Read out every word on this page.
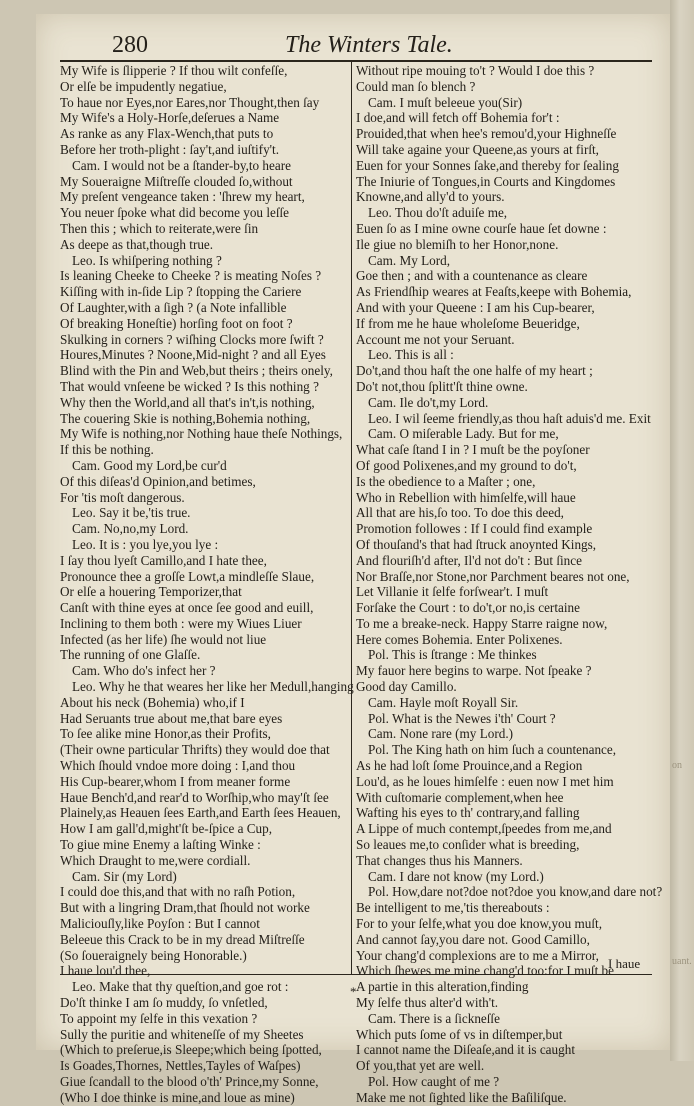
on
uant.
280	The Winters Tale.
My Wife is ſlipperie ? If thou wilt confeſſe,
Or elſe be impudently negatiue,
To haue nor Eyes,nor Eares,nor Thought,then ſay
My Wife's a Holy-Horſe,deſerues a Name
As ranke as any Flax-Wench,that puts to
Before her troth-plight : ſay't,and iuſtify't.
Cam. I would not be a ſtander-by,to heare
My Soueraigne Miſtreſſe clouded ſo,without
My preſent vengeance taken : 'ſhrew my heart,
You neuer ſpoke what did become you leſſe
Then this ; which to reiterate,were ſin
As deepe as that,though true.
Leo. Is whiſpering nothing ?
Is leaning Cheeke to Cheeke ? is meating Noſes ?
Kiſſing with in-ſide Lip ? ſtopping the Cariere
Of Laughter,with a ſigh ? (a Note infallible
Of breaking Honeſtie) horſing foot on foot ?
Skulking in corners ? wiſhing Clocks more ſwift ?
Houres,Minutes ? Noone,Mid-night ? and all Eyes
Blind with the Pin and Web,but theirs ; theirs onely,
That would vnſeene be wicked ? Is this nothing ?
Why then the World,and all that's in't,is nothing,
The couering Skie is nothing,Bohemia nothing,
My Wife is nothing,nor Nothing haue theſe Nothings,
If this be nothing.
Cam. Good my Lord,be cur'd
Of this diſeas'd Opinion,and betimes,
For 'tis moſt dangerous.
Leo. Say it be,'tis true.
Cam. No,no,my Lord.
Leo. It is : you lye,you lye :
I ſay thou lyeſt Camillo,and I hate thee,
Pronounce thee a groſſe Lowt,a mindleſſe Slaue,
Or elſe a houering Temporizer,that
Canſt with thine eyes at once ſee good and euill,
Inclining to them both : were my Wiues Liuer
Infected (as her life) ſhe would not liue
The running of one Glaſſe.
Cam. Who do's infect her ?
Leo. Why he that weares her like her Medull,hanging
About his neck (Bohemia) who,if I
Had Seruants true about me,that bare eyes
To ſee alike mine Honor,as their Profits,
(Their owne particular Thrifts) they would doe that
Which ſhould vndoe more doing : I,and thou
His Cup-bearer,whom I from meaner forme
Haue Bench'd,and rear'd to Worſhip,who may'ſt ſee
Plainely,as Heauen ſees Earth,and Earth ſees Heauen,
How I am gall'd,might'ſt be-ſpice a Cup,
To giue mine Enemy a laſting Winke :
Which Draught to me,were cordiall.
Cam. Sir (my Lord)
I could doe this,and that with no raſh Potion,
But with a lingring Dram,that ſhould not worke
Maliciouſly,like Poyſon : But I cannot
Beleeue this Crack to be in my dread Miſtreſſe
(So ſoueraignely being Honorable.)
I haue lou'd thee,
Leo. Make that thy queſtion,and goe rot :
Do'ſt thinke I am ſo muddy, ſo vnſetled,
To appoint my ſelfe in this vexation ?
Sully the puritie and whiteneſſe of my Sheetes
(Which to preſerue,is Sleepe;which being ſpotted,
Is Goades,Thornes, Nettles,Tayles of Waſpes)
Giue ſcandall to the blood o'th' Prince,my Sonne,
(Who I doe thinke is mine,and loue as mine)
Without ripe mouing to't ? Would I doe this ?
Could man ſo blench ?
Cam. I muſt beleeue you(Sir)
I doe,and will fetch off Bohemia for't :
Prouided,that when hee's remou'd,your Highneſſe
Will take againe your Queene,as yours at firſt,
Euen for your Sonnes ſake,and thereby for ſealing
The Iniurie of Tongues,in Courts and Kingdomes
Knowne,and ally'd to yours.
Leo. Thou do'ſt aduiſe me,
Euen ſo as I mine owne courſe haue ſet downe :
Ile giue no blemiſh to her Honor,none.
Cam. My Lord,
Goe then ; and with a countenance as cleare
As Friendſhip weares at Feaſts,keepe with Bohemia,
And with your Queene : I am his Cup-bearer,
If from me he haue wholeſome Beueridge,
Account me not your Seruant.
Leo. This is all :
Do't,and thou haſt the one halfe of my heart ;
Do't not,thou ſplitt'ſt thine owne.
Cam. Ile do't,my Lord.
Leo. I wil ſeeme friendly,as thou haſt aduis'd me. Exit
Cam. O miſerable Lady. But for me,
What caſe ſtand I in ? I muſt be the poyſoner
Of good Polixenes,and my ground to do't,
Is the obedience to a Maſter ; one,
Who in Rebellion with himſelfe,will haue
All that are his,ſo too. To doe this deed,
Promotion followes : If I could find example
Of thouſand's that had ſtruck anoynted Kings,
And flouriſh'd after, Il'd not do't : But ſince
Nor Braſſe,nor Stone,nor Parchment beares not one,
Let Villanie it ſelfe forſwear't. I muſt
Forſake the Court : to do't,or no,is certaine
To me a breake-neck. Happy Starre raigne now,
Here comes Bohemia. Enter Polixenes.
Pol. This is ſtrange : Me thinkes
My fauor here begins to warpe. Not ſpeake ?
Good day Camillo.
Cam. Hayle moſt Royall Sir.
Pol. What is the Newes i'th' Court ?
Cam. None rare (my Lord.)
Pol. The King hath on him ſuch a countenance,
As he had loſt ſome Prouince,and a Region
Lou'd, as he loues himſelfe : euen now I met him
With cuſtomarie complement,when hee
Wafting his eyes to th' contrary,and falling
A Lippe of much contempt,ſpeedes from me,and
So leaues me,to conſider what is breeding,
That changes thus his Manners.
Cam. I dare not know (my Lord.)
Pol. How,dare not?doe not?doe you know,and dare not?
Be intelligent to me,'tis thereabouts :
For to your ſelfe,what you doe know,you muſt,
And cannot ſay,you dare not. Good Camillo,
Your chang'd complexions are to me a Mirror,
Which ſhewes me mine chang'd too:for I muſt be
A partie in this alteration,finding
My ſelfe thus alter'd with't.
Cam. There is a ſickneſſe
Which puts ſome of vs in diſtemper,but
I cannot name the Diſeaſe,and it is caught
Of you,that yet are well.
Pol. How caught of me ?
Make me not ſighted like the Baſiliſque.
I haue
*
